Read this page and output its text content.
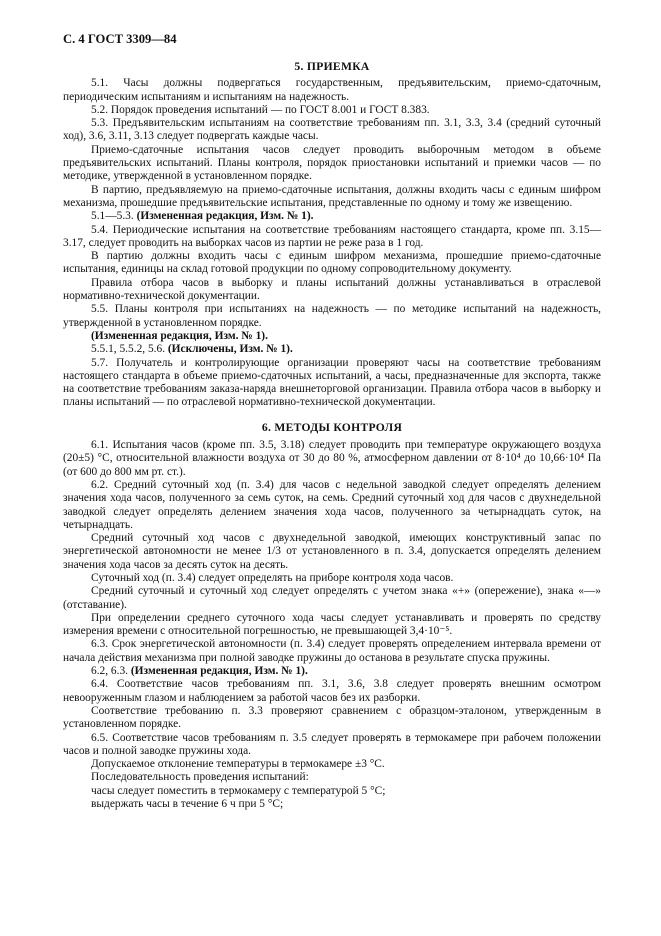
С. 4 ГОСТ 3309—84
5. ПРИЕМКА

5.1. Часы должны подвергаться государственным, предъявительским, приемо-сдаточным, периодическим испытаниям и испытаниям на надежность.

5.2. Порядок проведения испытаний — по ГОСТ 8.001 и ГОСТ 8.383.

5.3. Предъявительским испытаниям на соответствие требованиям пп. 3.1, 3.3, 3.4 (средний суточный ход), 3.6, 3.11, 3.13 следует подвергать каждые часы.

Приемо-сдаточные испытания часов следует проводить выборочным методом в объеме предъявительских испытаний. Планы контроля, порядок приостановки испытаний и приемки часов — по методике, утвержденной в установленном порядке.

В партию, предъявляемую на приемо-сдаточные испытания, должны входить часы с единым шифром механизма, прошедшие предъявительские испытания, представленные по одному и тому же извещению.

5.1—5.3. (Измененная редакция, Изм. № 1).

5.4. Периодические испытания на соответствие требованиям настоящего стандарта, кроме пп. 3.15—3.17, следует проводить на выборках часов из партии не реже раза в 1 год.

В партию должны входить часы с единым шифром механизма, прошедшие приемо-сдаточные испытания, единицы на склад готовой продукции по одному сопроводительному документу.

Правила отбора часов в выборку и планы испытаний должны устанавливаться в отраслевой нормативно-технической документации.

5.5. Планы контроля при испытаниях на надежность — по методике испытаний на надежность, утвержденной в установленном порядке.

(Измененная редакция, Изм. № 1).

5.5.1, 5.5.2, 5.6. (Исключены, Изм. № 1).

5.7. Получатель и контролирующие организации проверяют часы на соответствие требованиям настоящего стандарта в объеме приемо-сдаточных испытаний, а часы, предназначенные для экспорта, также на соответствие требованиям заказа-наряда внешнеторговой организации. Правила отбора часов в выборку и планы испытаний — по отраслевой нормативно-технической документации.

6. МЕТОДЫ КОНТРОЛЯ

6.1. Испытания часов (кроме пп. 3.5, 3.18) следует проводить при температуре окружающего воздуха (20±5) °С, относительной влажности воздуха от 30 до 80 %, атмосферном давлении от 8·10⁴ до 10,66·10⁴ Па (от 600 до 800 мм рт. ст.).

6.2. Средний суточный ход (п. 3.4) для часов с недельной заводкой следует определять делением значения хода часов, полученного за семь суток, на семь. Средний суточный ход для часов с двухнедельной заводкой следует определять делением значения хода часов, полученного за четырнадцать суток, на четырнадцать.

Средний суточный ход часов с двухнедельной заводкой, имеющих конструктивный запас по энергетической автономности не менее 1/3 от установленного в п. 3.4, допускается определять делением значения хода часов за десять суток на десять.

Суточный ход (п. 3.4) следует определять на приборе контроля хода часов.

Средний суточный и суточный ход следует определять с учетом знака «+» (опережение), знака «—» (отставание).

При определении среднего суточного хода часы следует устанавливать и проверять по средству измерения времени с относительной погрешностью, не превышающей 3,4·10⁻⁵.

6.3. Срок энергетической автономности (п. 3.4) следует проверять определением интервала времени от начала действия механизма при полной заводке пружины до останова в результате спуска пружины.

6.2, 6.3. (Измененная редакция, Изм. № 1).

6.4. Соответствие часов требованиям пп. 3.1, 3.6, 3.8 следует проверять внешним осмотром невооруженным глазом и наблюдением за работой часов без их разборки.

Соответствие требованию п. 3.3 проверяют сравнением с образцом-эталоном, утвержденным в установленном порядке.

6.5. Соответствие часов требованиям п. 3.5 следует проверять в термокамере при рабочем положении часов и полной заводке пружины хода.

Допускаемое отклонение температуры в термокамере ±3 °С.

Последовательность проведения испытаний:

часы следует поместить в термокамеру с температурой 5 °С;

выдержать часы в течение 6 ч при 5 °С;
